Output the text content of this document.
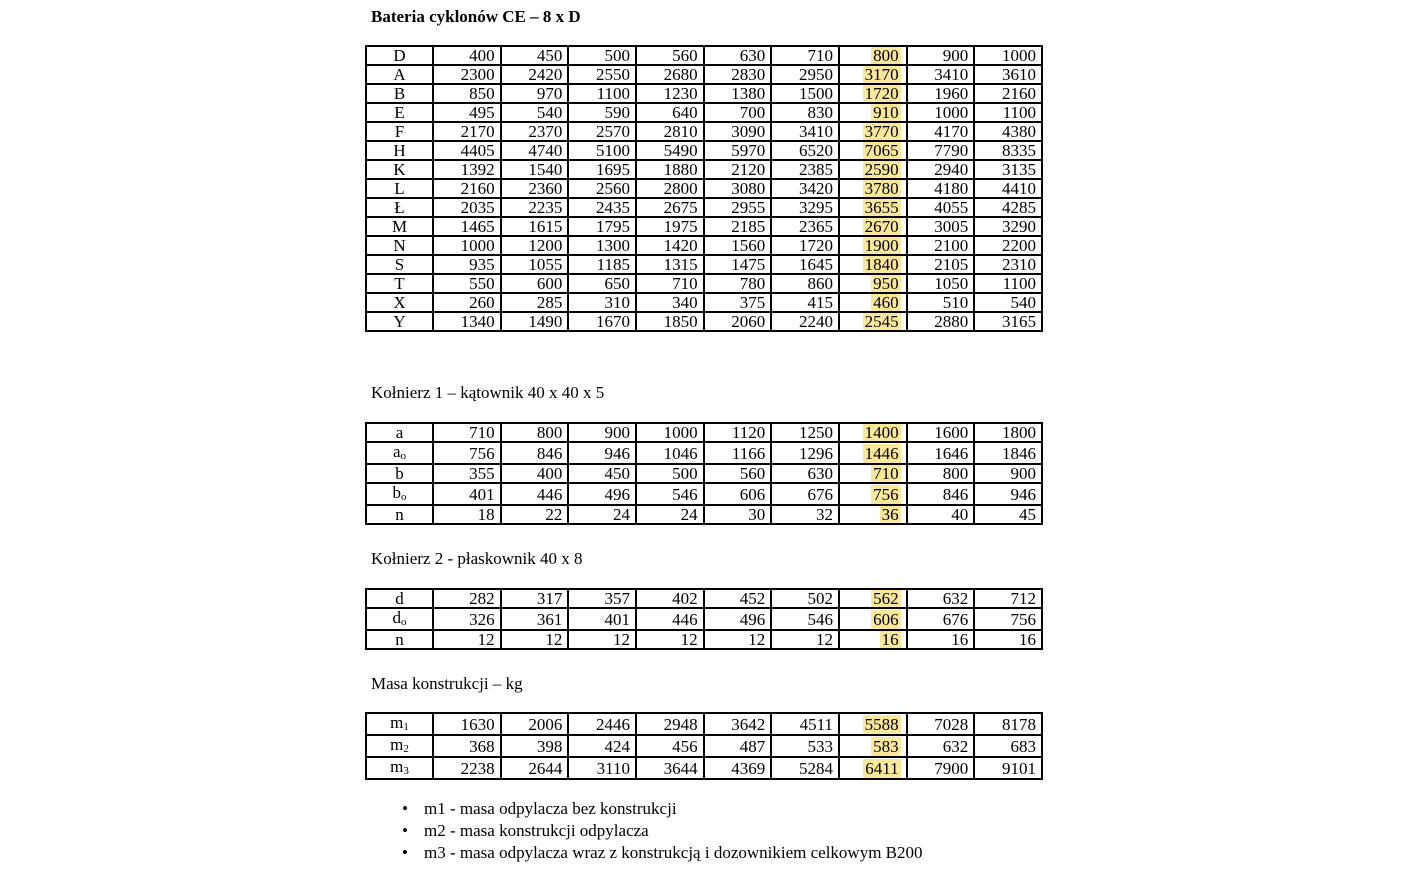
Bateria cyklonów CE – 8 x D
D	400	450	500	560	630	710	800	900	1000
A	2300	2420	2550	2680	2830	2950	3170	3410	3610
B	850	970	1100	1230	1380	1500	1720	1960	2160
E	495	540	590	640	700	830	910	1000	1100
F	2170	2370	2570	2810	3090	3410	3770	4170	4380
H	4405	4740	5100	5490	5970	6520	7065	7790	8335
K	1392	1540	1695	1880	2120	2385	2590	2940	3135
L	2160	2360	2560	2800	3080	3420	3780	4180	4410
Ł	2035	2235	2435	2675	2955	3295	3655	4055	4285
M	1465	1615	1795	1975	2185	2365	2670	3005	3290
N	1000	1200	1300	1420	1560	1720	1900	2100	2200
S	935	1055	1185	1315	1475	1645	1840	2105	2310
T	550	600	650	710	780	860	950	1050	1100
X	260	285	310	340	375	415	460	510	540
Y	1340	1490	1670	1850	2060	2240	2545	2880	3165
Kołnierz 1 – kątownik 40 x 40 x 5
a	710	800	900	1000	1120	1250	1400	1600	1800
ao	756	846	946	1046	1166	1296	1446	1646	1846
b	355	400	450	500	560	630	710	800	900
bo	401	446	496	546	606	676	756	846	946
n	18	22	24	24	30	32	36	40	45
Kołnierz 2 - płaskownik 40 x 8
d	282	317	357	402	452	502	562	632	712
do	326	361	401	446	496	546	606	676	756
n	12	12	12	12	12	12	16	16	16
Masa konstrukcji – kg
m1	1630	2006	2446	2948	3642	4511	5588	7028	8178
m2	368	398	424	456	487	533	583	632	683
m3	2238	2644	3110	3644	4369	5284	6411	7900	9101
• m1 - masa odpylacza bez konstrukcji
• m2 - masa konstrukcji odpylacza
• m3 - masa odpylacza wraz z konstrukcją i dozownikiem celkowym B200
